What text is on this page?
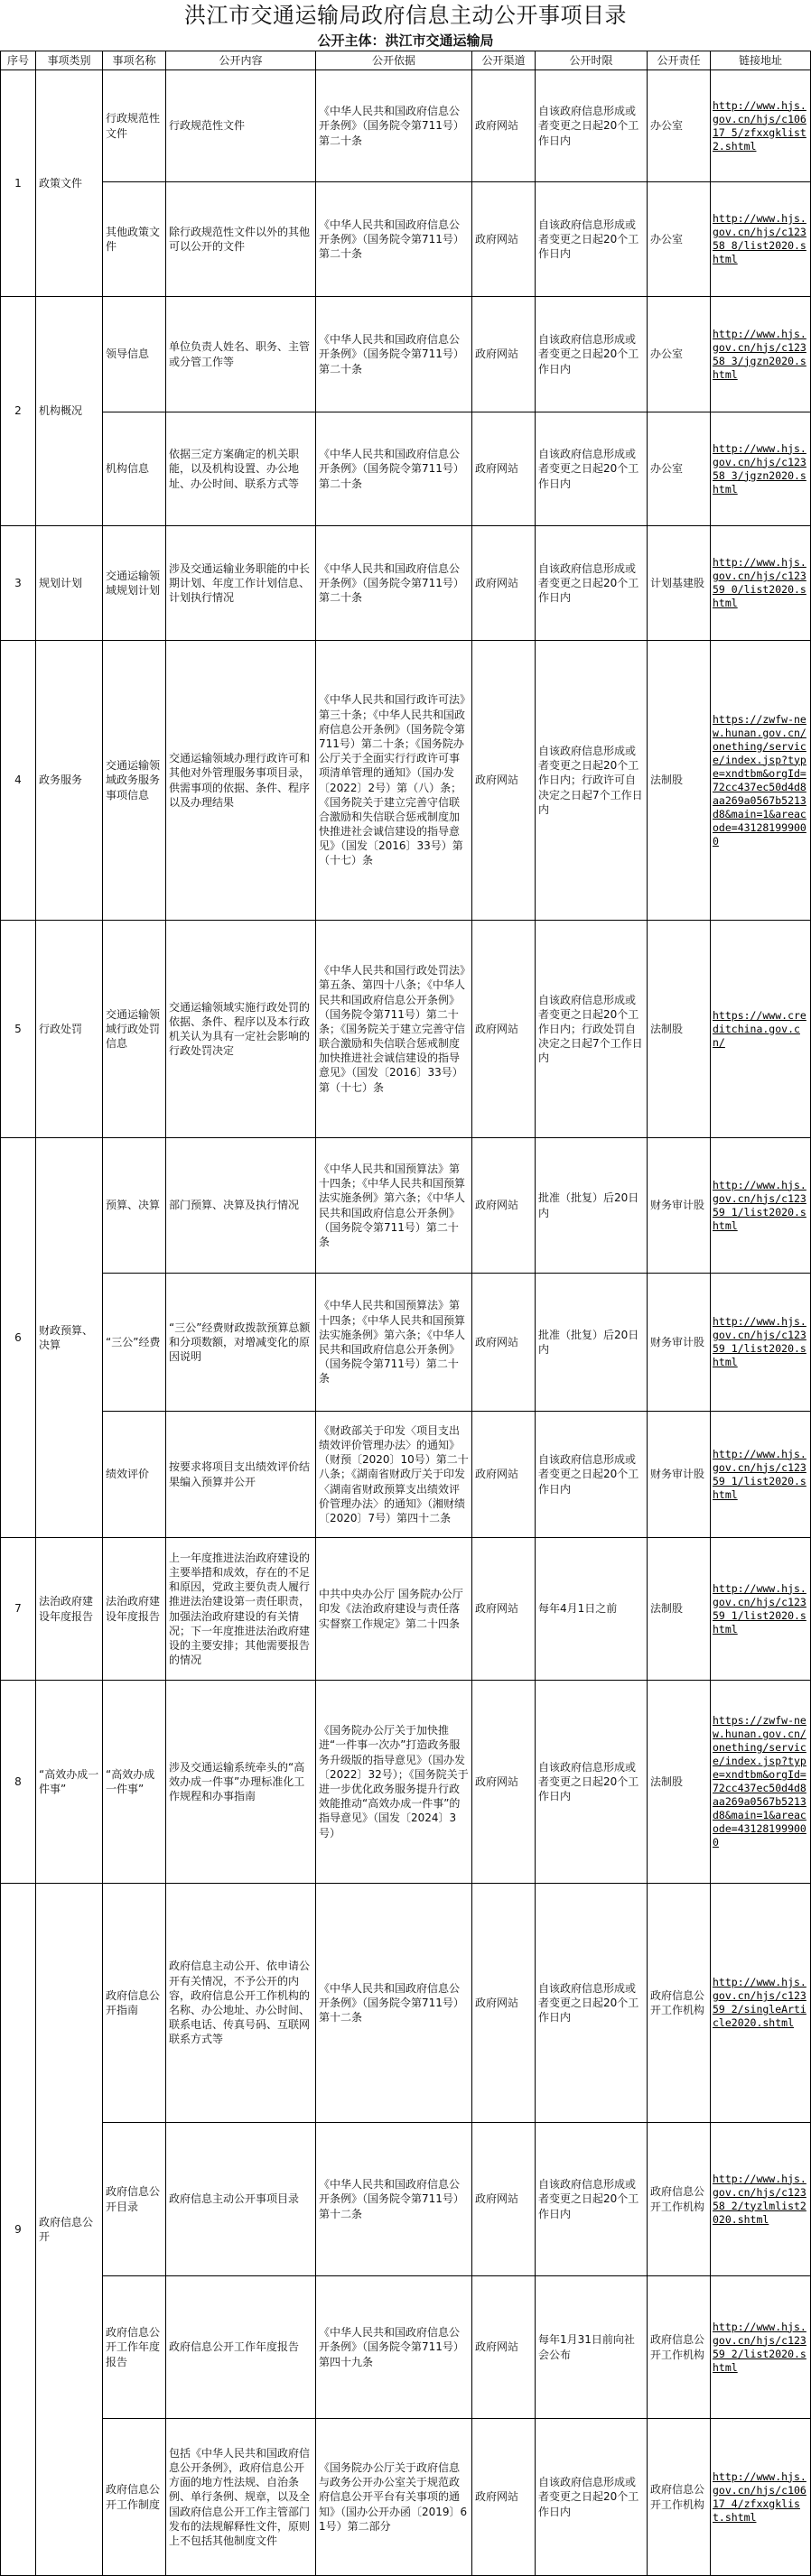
洪江市交通运输局政府信息主动公开事项目录
公开主体：洪江市交通运输局
序号	事项类别	事项名称	公开内容	公开依据	公开渠道	公开时限	公开责任	链接地址
1	政策文件	行政规范性文件	行政规范性文件	《中华人民共和国政府信息公开条例》（国务院令第711号）第二十条	政府网站	自该政府信息形成或者变更之日起20个工作日内	办公室	http://www.hjs.gov.cn/hjs/c10617 5/zfxxgklist2.shtml
		其他政策文件	除行政规范性文件以外的其他可以公开的文件	《中华人民共和国政府信息公开条例》（国务院令第711号）第二十条	政府网站	自该政府信息形成或者变更之日起20个工作日内	办公室	http://www.hjs.gov.cn/hjs/c12358 8/list2020.shtml
2	机构概况	领导信息	单位负责人姓名、职务、主管或分管工作等	《中华人民共和国政府信息公开条例》（国务院令第711号）第二十条	政府网站	自该政府信息形成或者变更之日起20个工作日内	办公室	http://www.hjs.gov.cn/hjs/c12358 3/jgzn2020.shtml
		机构信息	依据三定方案确定的机关职能，以及机构设置、办公地址、办公时间、联系方式等	《中华人民共和国政府信息公开条例》（国务院令第711号）第二十条	政府网站	自该政府信息形成或者变更之日起20个工作日内	办公室	http://www.hjs.gov.cn/hjs/c12358 3/jgzn2020.shtml
3	规划计划	交通运输领域规划计划	涉及交通运输业务职能的中长期计划、年度工作计划信息、计划执行情况	《中华人民共和国政府信息公开条例》（国务院令第711号）第二十条	政府网站	自该政府信息形成或者变更之日起20个工作日内	计划基建股	http://www.hjs.gov.cn/hjs/c12359 0/list2020.shtml
4	政务服务	交通运输领域政务服务事项信息	交通运输领域办理行政许可和其他对外管理服务事项目录，供需事项的依据、条件、程序以及办理结果	《中华人民共和国行政许可法》第三十条；《中华人民共和国政府信息公开条例》（国务院令第711号）第二十条；《国务院办公厅关于全面实行行政许可事项清单管理的通知》（国办发〔2022〕2号）第（八）条；《国务院关于建立完善守信联合激励和失信联合惩戒制度加快推进社会诚信建设的指导意见》（国发〔2016〕33号）第（十七）条	政府网站	自该政府信息形成或者变更之日起20个工作日内；行政许可自决定之日起7个工作日内	法制股	https://zwfw-new.hunan.gov.cn/onething/service/index.jsp?type=xndtbm&orgId=72cc437ec50d4d8aa269a0567b5213d8&main=1&areacode=431281999000
5	行政处罚	交通运输领域行政处罚信息	交通运输领域实施行政处罚的依据、条件、程序以及本行政机关认为具有一定社会影响的行政处罚决定	《中华人民共和国行政处罚法》第五条、第四十八条；《中华人民共和国政府信息公开条例》（国务院令第711号）第二十条；《国务院关于建立完善守信联合激励和失信联合惩戒制度加快推进社会诚信建设的指导意见》（国发〔2016〕33号）第（十七）条	政府网站	自该政府信息形成或者变更之日起20个工作日内；行政处罚自决定之日起7个工作日内	法制股	https://www.creditchina.gov.cn/
6	财政预算、决算	预算、决算	部门预算、决算及执行情况	《中华人民共和国预算法》第十四条；《中华人民共和国预算法实施条例》第六条；《中华人民共和国政府信息公开条例》（国务院令第711号）第二十条	政府网站	批准（批复）后20日内	财务审计股	http://www.hjs.gov.cn/hjs/c12359 1/list2020.shtml
		“三公”经费	“三公”经费财政拨款预算总额和分项数额，对增减变化的原因说明	《中华人民共和国预算法》第十四条；《中华人民共和国预算法实施条例》第六条；《中华人民共和国政府信息公开条例》（国务院令第711号）第二十条	政府网站	批准（批复）后20日内	财务审计股	http://www.hjs.gov.cn/hjs/c12359 1/list2020.shtml
		绩效评价	按要求将项目支出绩效评价结果编入预算并公开	《财政部关于印发〈项目支出绩效评价管理办法〉的通知》（财预〔2020〕10号）第二十八条；《湖南省财政厅关于印发〈湖南省财政预算支出绩效评价管理办法〉的通知》（湘财绩〔2020〕7号）第四十二条	政府网站	自该政府信息形成或者变更之日起20个工作日内	财务审计股	http://www.hjs.gov.cn/hjs/c12359 1/list2020.shtml
7	法治政府建设年度报告	法治政府建设年度报告	上一年度推进法治政府建设的主要举措和成效，存在的不足和原因，党政主要负责人履行推进法治建设第一责任职责，加强法治政府建设的有关情况；下一年度推进法治政府建设的主要安排；其他需要报告的情况	中共中央办公厅 国务院办公厅印发《法治政府建设与责任落实督察工作规定》第二十四条	政府网站	每年4月1日之前	法制股	http://www.hjs.gov.cn/hjs/c12359 1/list2020.shtml
8	“高效办成一件事”	“高效办成一件事”	涉及交通运输系统牵头的“高效办成一件事”办理标准化工作规程和办事指南	《国务院办公厅关于加快推进“一件事一次办”打造政务服务升级版的指导意见》（国办发〔2022〕32号）；《国务院关于进一步优化政务服务提升行政效能推动“高效办成一件事”的指导意见》（国发〔2024〕3号）	政府网站	自该政府信息形成或者变更之日起20个工作日内	法制股	https://zwfw-new.hunan.gov.cn/onething/service/index.jsp?type=xndtbm&orgId=72cc437ec50d4d8aa269a0567b5213d8&main=1&areacode=431281999000
9	政府信息公开	政府信息公开指南	政府信息主动公开、依申请公开有关情况，不予公开的内容，政府信息公开工作机构的名称、办公地址、办公时间、联系电话、传真号码、互联网联系方式等	《中华人民共和国政府信息公开条例》（国务院令第711号）第十二条	政府网站	自该政府信息形成或者变更之日起20个工作日内	政府信息公开工作机构	http://www.hjs.gov.cn/hjs/c12359 2/singleArticle2020.shtml
		政府信息公开目录	政府信息主动公开事项目录	《中华人民共和国政府信息公开条例》（国务院令第711号）第十二条	政府网站	自该政府信息形成或者变更之日起20个工作日内	政府信息公开工作机构	http://www.hjs.gov.cn/hjs/c12358 2/tyzlmlist2020.shtml
		政府信息公开工作年度报告	政府信息公开工作年度报告	《中华人民共和国政府信息公开条例》（国务院令第711号）第四十九条	政府网站	每年1月31日前向社会公布	政府信息公开工作机构	http://www.hjs.gov.cn/hjs/c12359 2/list2020.shtml
		政府信息公开工作制度	包括《中华人民共和国政府信息公开条例》，政府信息公开方面的地方性法规、自治条例、单行条例、规章，以及全国政府信息公开工作主管部门发布的法规解释性文件，原则上不包括其他制度文件	《国务院办公厅关于政府信息与政务公开办公室关于规范政府信息公开平台有关事项的通知》（国办公开办函〔2019〕61号）第二部分	政府网站	自该政府信息形成或者变更之日起20个工作日内	政府信息公开工作机构	http://www.hjs.gov.cn/hjs/c10617 4/zfxxgklist.shtml
